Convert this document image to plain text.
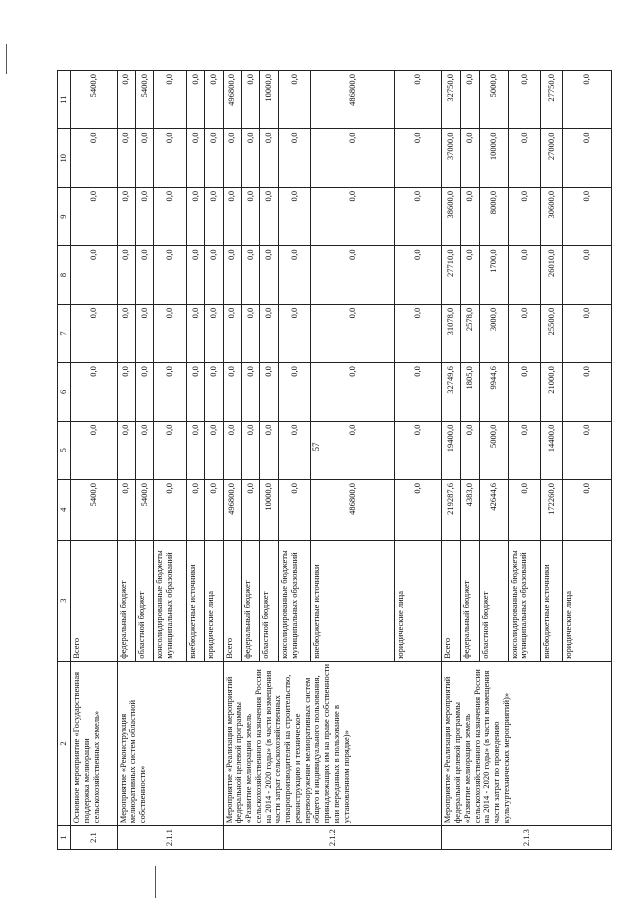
57
1	2	3	4	5	6	7	8	9	10	11
2.1	Основное мероприятие «Государственная поддержка мелиорации сельскохозяйственных земель»	Всего	5400,0	0,0	0,0	0,0	0,0	0,0	0,0	5400,0
2.1.1	Мероприятие «Реконструкция мелиоративных систем областной собственности»	федеральный бюджет	0,0	0,0	0,0	0,0	0,0	0,0	0,0	0,0
		областной бюджет	5400,0	0,0	0,0	0,0	0,0	0,0	0,0	5400,0
		консолидированные бюджеты муниципальных образований	0,0	0,0	0,0	0,0	0,0	0,0	0,0	0,0
		внебюджетные источники	0,0	0,0	0,0	0,0	0,0	0,0	0,0	0,0
		юридические лица	0,0	0,0	0,0	0,0	0,0	0,0	0,0	0,0
2.1.2	Мероприятие «Реализация мероприятий федеральной целевой программы «Развитие мелиорации земель сельскохозяйственного назначения России на 2014 - 2020 годы» (в части возмещения части затрат сельскохозяйственных товаропроизводителей на строительство, реконструкцию и техническое перевооружение мелиоративных систем общего и индивидуального пользования, принадлежащих им на праве собственности или переданных в пользование в установленном порядке)»	Всего	496800,0	0,0	0,0	0,0	0,0	0,0	0,0	496800,0
		федеральный бюджет	0,0	0,0	0,0	0,0	0,0	0,0	0,0	0,0
		областной бюджет	10000,0	0,0	0,0	0,0	0,0	0,0	0,0	10000,0
		консолидированные бюджеты муниципальных образований	0,0	0,0	0,0	0,0	0,0	0,0	0,0	0,0
		внебюджетные источники	486800,0	0,0	0,0	0,0	0,0	0,0	0,0	486800,0
		юридические лица	0,0	0,0	0,0	0,0	0,0	0,0	0,0	0,0
2.1.3	Мероприятие «Реализация мероприятий федеральной целевой программы «Развитие мелиорации земель сельскохозяйственного назначения России на 2014 - 2020 годы» (в части возмещения части затрат по проведению культуртехнических мероприятий)»	Всего	219287,6	19400,0	32749,6	31078,0	27710,0	38600,0	37000,0	32750,0
		федеральный бюджет	4383,0	0,0	1805,0	2578,0	0,0	0,0	0,0	0,0
		областной бюджет	42644,6	5000,0	9944,6	3000,0	1700,0	8000,0	10000,0	5000,0
		консолидированные бюджеты муниципальных образований	0,0	0,0	0,0	0,0	0,0	0,0	0,0	0,0
		внебюджетные источники	172260,0	14400,0	21000,0	25500,0	26010,0	30600,0	27000,0	27750,0
		юридические лица	0,0	0,0	0,0	0,0	0,0	0,0	0,0	0,0
